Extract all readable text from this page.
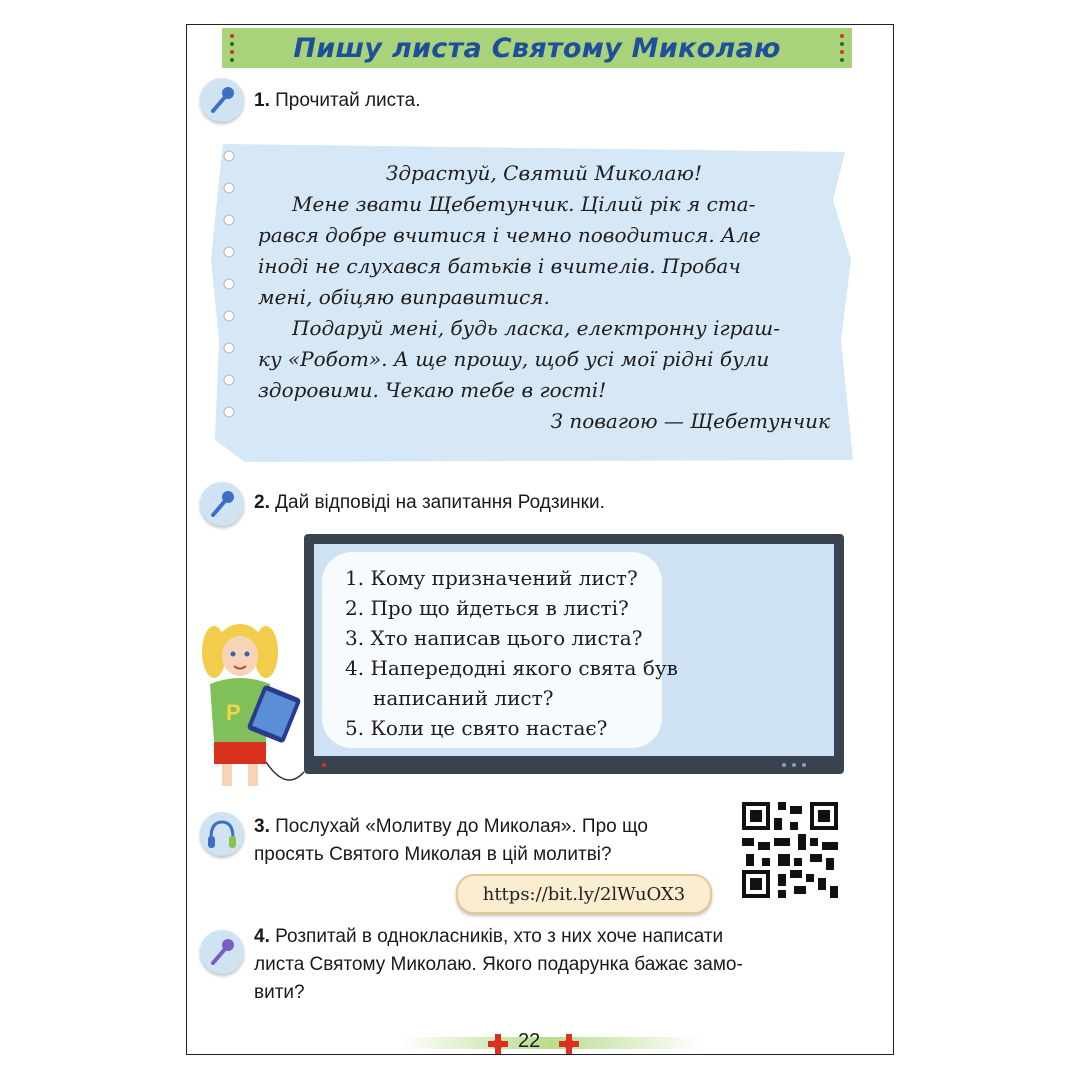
Пишу листа Святому Миколаю
1. Прочитай листа.
Здрастуй, Святий Миколаю!
Мене звати Щебетунчик. Цілий рік я ста-
рався добре вчитися і чемно поводитися. Але
іноді не слухався батьків і вчителів. Пробач
мені, обіцяю виправитися.
Подаруй мені, будь ласка, електронну іграш-
ку «Робот». А ще прошу, щоб усі мої рідні були
здоровими. Чекаю тебе в гості!
З повагою — Щебетунчик
2. Дай відповіді на запитання Родзинки.
1. Кому призначений лист?
2. Про що йдеться в листі?
3. Хто написав цього листа?
4. Напередодні якого свята був
написаний лист?
5. Коли це свято настає?
P
3. Послухай «Молитву до Миколая». Про що
просять Святого Миколая в цій молитві?
https://bit.ly/2lWuOX3
4. Розпитай в однокласників, хто з них хоче написати
листа Святому Миколаю. Якого подарунка бажає замо-
вити?
22
